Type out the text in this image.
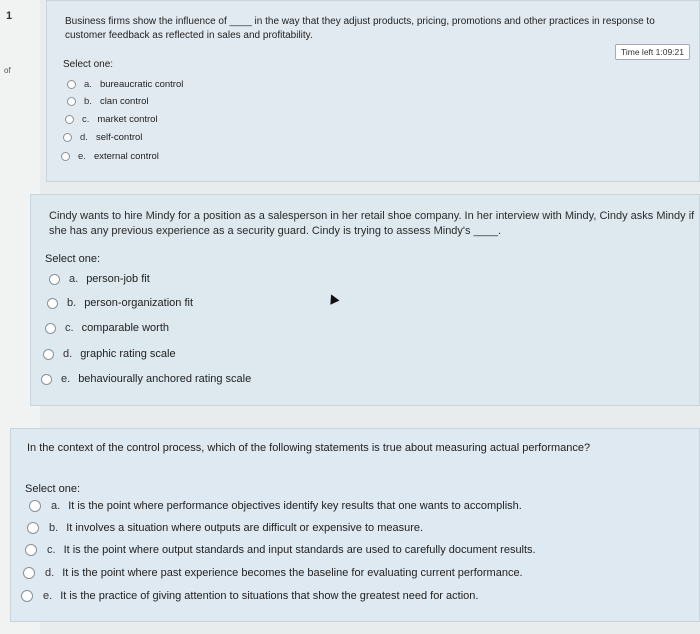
1
of
Business firms show the influence of ____ in the way that they adjust products, pricing, promotions and other practices in response to customer feedback as reflected in sales and profitability.
Time left 1:09:21
Select one:
a. bureaucratic control
b. clan control
c. market control
d. self-control
e. external control
Cindy wants to hire Mindy for a position as a salesperson in her retail shoe company. In her interview with Mindy, Cindy asks Mindy if she has any previous experience as a security guard. Cindy is trying to assess Mindy's ____.
Select one:
a. person-job fit
b. person-organization fit
c. comparable worth
d. graphic rating scale
e. behaviourally anchored rating scale
In the context of the control process, which of the following statements is true about measuring actual performance?
Select one:
a. It is the point where performance objectives identify key results that one wants to accomplish.
b. It involves a situation where outputs are difficult or expensive to measure.
c. It is the point where output standards and input standards are used to carefully document results.
d. It is the point where past experience becomes the baseline for evaluating current performance.
e. It is the practice of giving attention to situations that show the greatest need for action.
